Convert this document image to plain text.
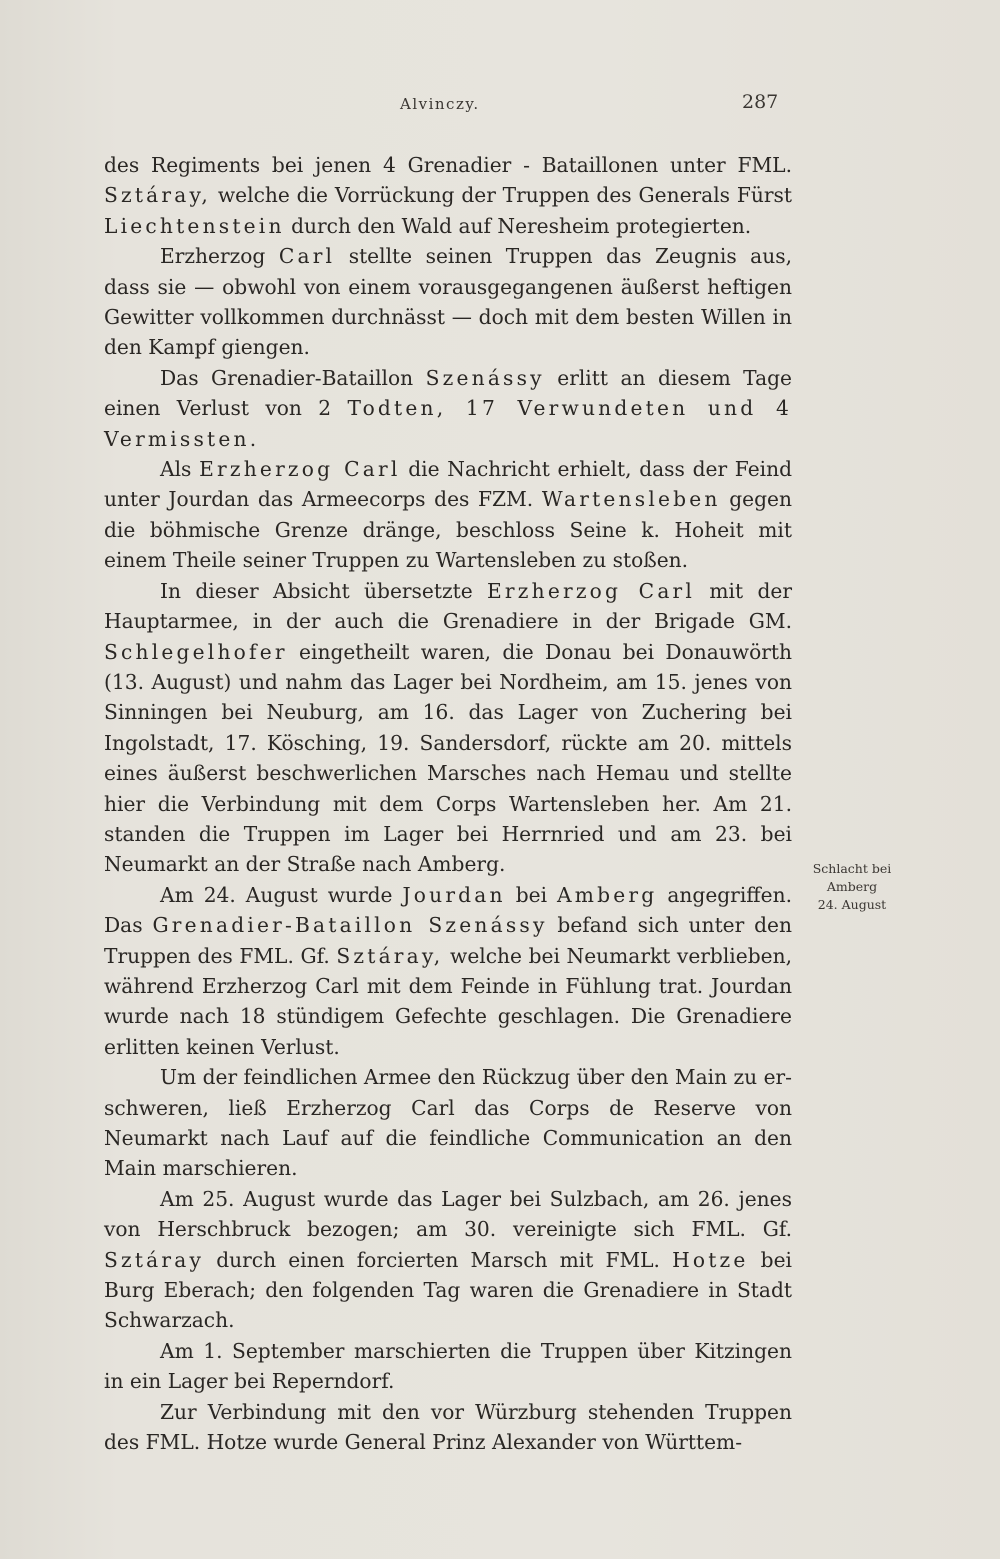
Alvinczy.	287

des Regiments bei jenen 4 Grenadier - Bataillonen unter FML. Sztáray, welche die Vorrückung der Truppen des Generals Fürst Liechtenstein durch den Wald auf Neresheim protegierten.

Erzherzog Carl stellte seinen Truppen das Zeugnis aus, dass sie — obwohl von einem vorausgegangenen äußerst heftigen Gewitter vollkommen durchnässt — doch mit dem besten Willen in den Kampf giengen.

Das Grenadier-Bataillon Szenássy erlitt an diesem Tage einen Verlust von 2 Todten, 17 Verwundeten und 4 Vermissten.

Als Erzherzog Carl die Nachricht erhielt, dass der Feind unter Jourdan das Armeecorps des FZM. Wartensleben gegen die böhmische Grenze dränge, beschloss Seine k. Hoheit mit einem Theile seiner Truppen zu Wartensleben zu stoßen.

In dieser Absicht übersetzte Erzherzog Carl mit der Hauptarmee, in der auch die Grenadiere in der Brigade GM. Schlegelhofer eingetheilt waren, die Donau bei Donauwörth (13. August) und nahm das Lager bei Nordheim, am 15. jenes von Sinningen bei Neuburg, am 16. das Lager von Zuchering bei Ingolstadt, 17. Kösching, 19. Sandersdorf, rückte am 20. mittels eines äußerst beschwerlichen Marsches nach Hemau und stellte hier die Verbindung mit dem Corps Wartensleben her. Am 21. standen die Truppen im Lager bei Herrnried und am 23. bei Neumarkt an der Straße nach Amberg.

Am 24. August wurde Jourdan bei Amberg angegriffen. Das Grenadier-Bataillon Szenássy befand sich unter den Truppen des FML. Gf. Sztáray, welche bei Neumarkt verblieben, während Erzherzog Carl mit dem Feinde in Fühlung trat. Jourdan wurde nach 18 stündigem Gefechte geschlagen. Die Grenadiere erlitten keinen Verlust.

Um der feindlichen Armee den Rückzug über den Main zu erschweren, ließ Erzherzog Carl das Corps de Reserve von Neumarkt nach Lauf auf die feindliche Communication an den Main marschieren.

Am 25. August wurde das Lager bei Sulzbach, am 26. jenes von Herschbruck bezogen; am 30. vereinigte sich FML. Gf. Sztáray durch einen forcierten Marsch mit FML. Hotze bei Burg Eberach; den folgenden Tag waren die Grenadiere in Stadt Schwarzach.

Am 1. September marschierten die Truppen über Kitzingen in ein Lager bei Reperndorf.

Zur Verbindung mit den vor Würzburg stehenden Truppen des FML. Hotze wurde General Prinz Alexander von Württem-

Schlacht bei
Amberg
24. August
